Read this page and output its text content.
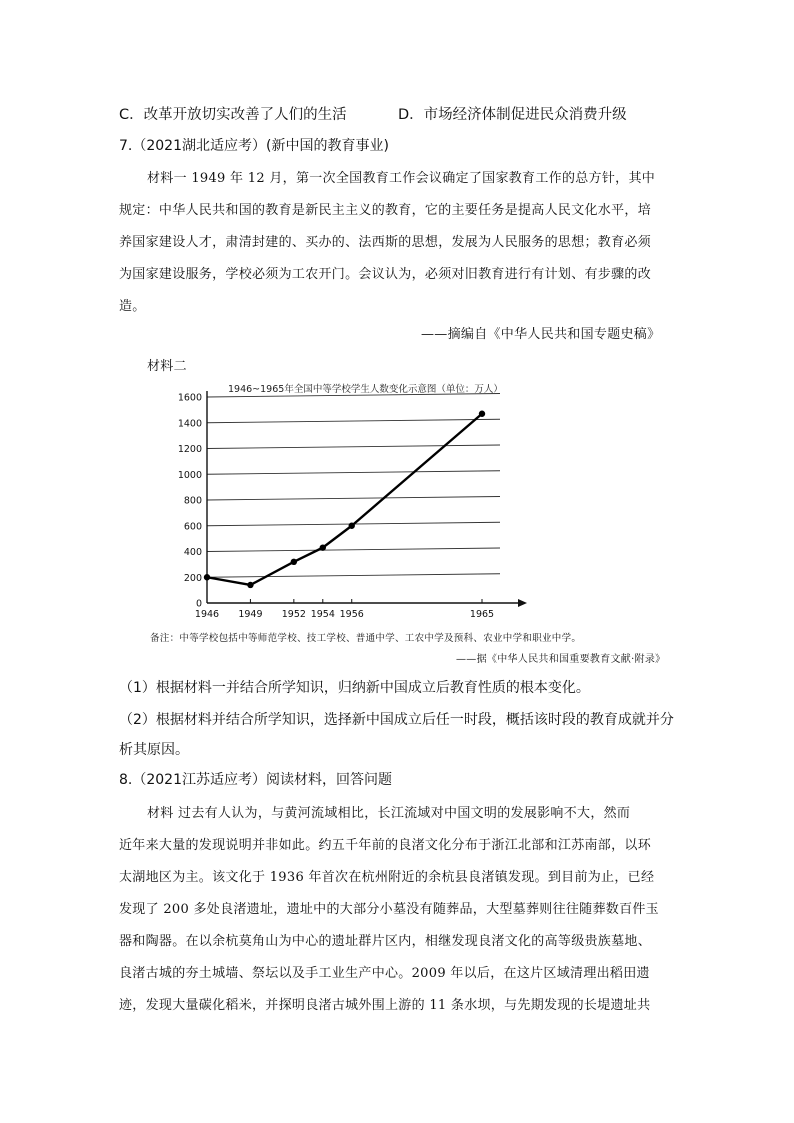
C．改革开放切实改善了人们的生活	D．市场经济体制促进民众消费升级
7.（2021湖北适应考）(新中国的教育事业)
材料一 1949 年 12 月，第一次全国教育工作会议确定了国家教育工作的总方针，其中
规定：中华人民共和国的教育是新民主主义的教育，它的主要任务是提高人民文化水平，培
养国家建设人才，肃清封建的、买办的、法西斯的思想，发展为人民服务的思想；教育必须
为国家建设服务，学校必须为工农开门。会议认为，必须对旧教育进行有计划、有步骤的改
造。
——摘编自《中华人民共和国专题史稿》
材料二
1946~1965年全国中等学校学生人数变化示意图（单位：万人）
0
200
400
600
800
1000
1200
1400
1600
1946 1949 1952 1954 1956	1965
备注：中等学校包括中等师范学校、技工学校、普通中学、工农中学及预科、农业中学和职业中学。
——据《中华人民共和国重要教育文献·附录》
（1）根据材料一并结合所学知识，归纳新中国成立后教育性质的根本变化。
（2）根据材料并结合所学知识，选择新中国成立后任一时段，概括该时段的教育成就并分
析其原因。
8.（2021江苏适应考）阅读材料，回答问题
材料 过去有人认为，与黄河流域相比，长江流域对中国文明的发展影响不大，然而
近年来大量的发现说明并非如此。约五千年前的良渚文化分布于浙江北部和江苏南部，以环
太湖地区为主。该文化于 1936 年首次在杭州附近的余杭县良渚镇发现。到目前为止，已经
发现了 200 多处良渚遗址，遗址中的大部分小墓没有随葬品，大型墓葬则往往随葬数百件玉
器和陶器。在以余杭莫角山为中心的遗址群片区内，相继发现良渚文化的高等级贵族墓地、
良渚古城的夯土城墙、祭坛以及手工业生产中心。2009 年以后，在这片区域清理出稻田遗
迹，发现大量碳化稻米，并探明良渚古城外围上游的 11 条水坝，与先期发现的长堤遗址共
